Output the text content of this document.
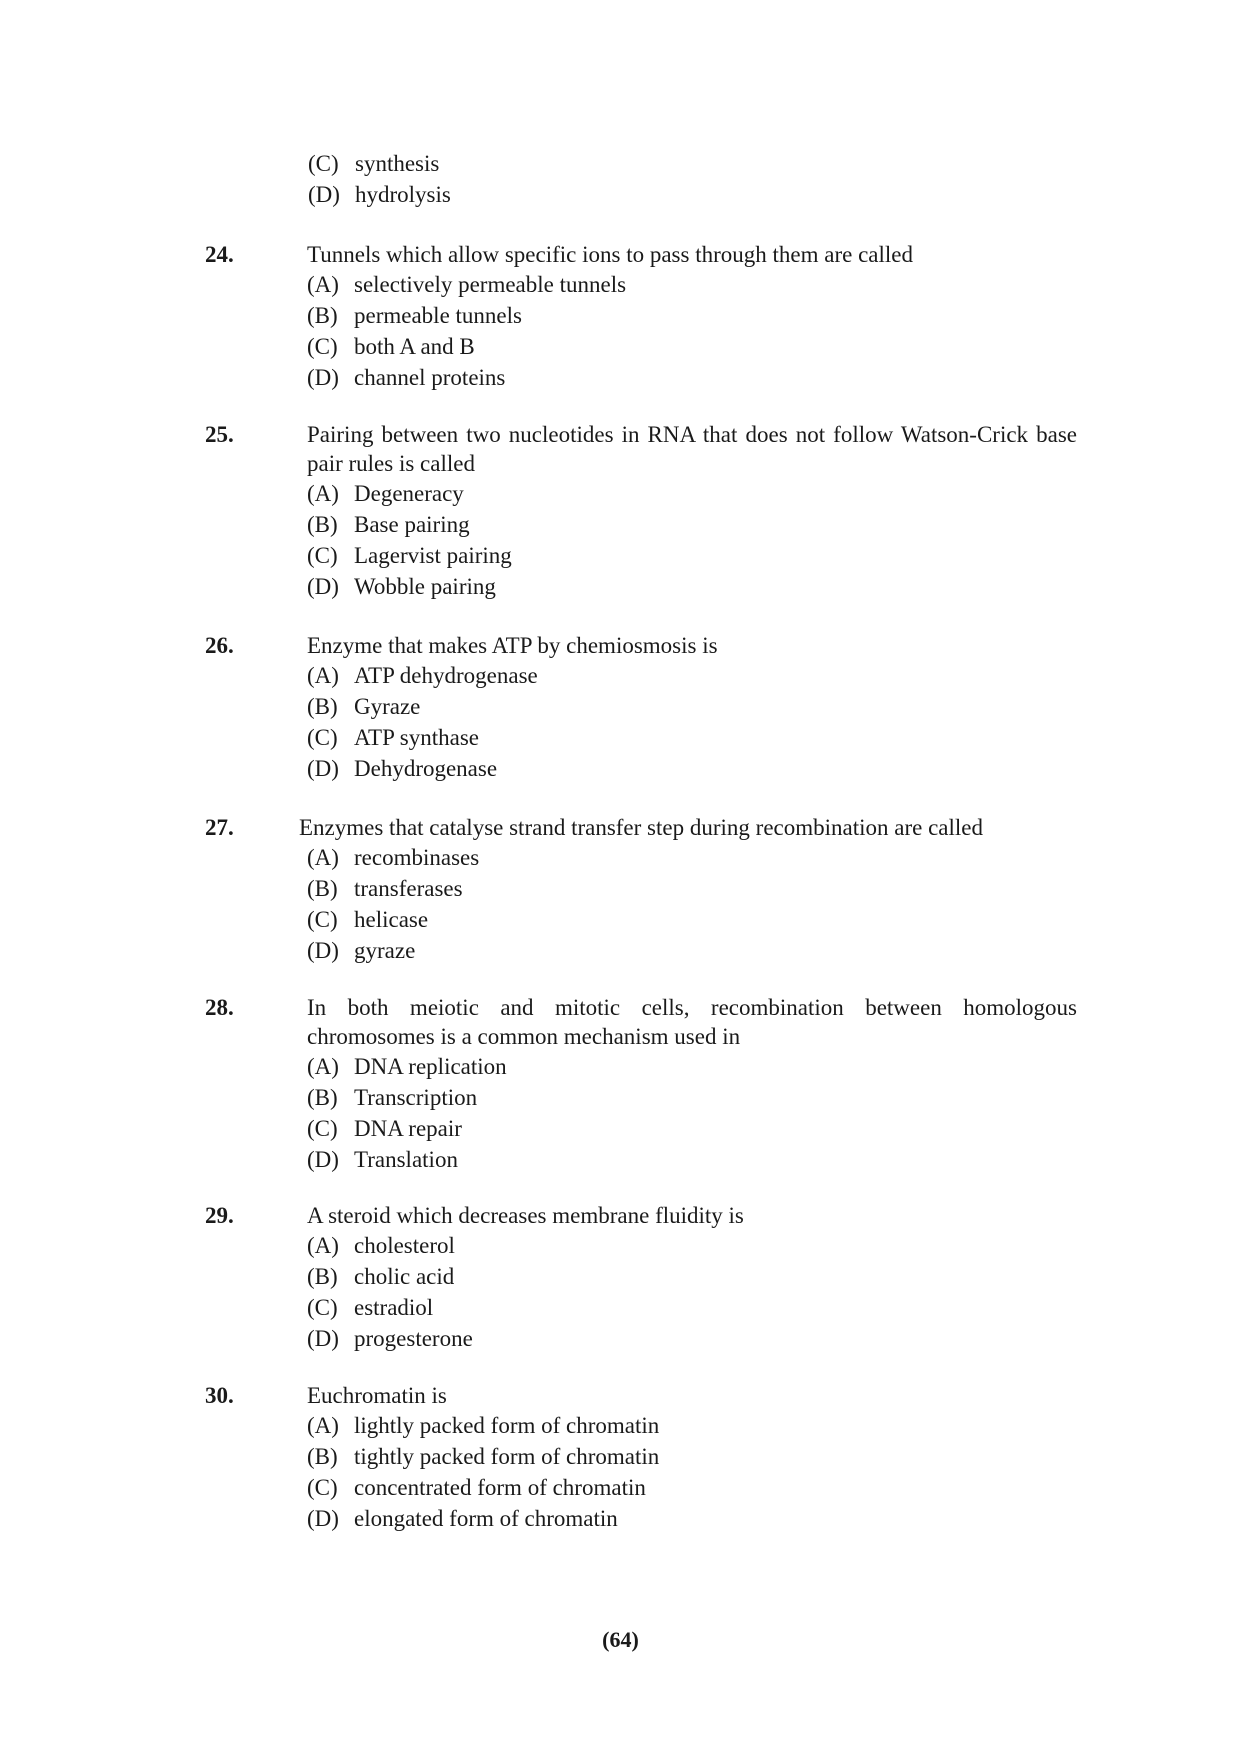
(C) synthesis
(D) hydrolysis
24.	Tunnels which allow specific ions to pass through them are called
(A) selectively permeable tunnels
(B) permeable tunnels
(C) both A and B
(D) channel proteins
25.	Pairing between two nucleotides in RNA that does not follow Watson-Crick base pair rules is called
(A) Degeneracy
(B) Base pairing
(C) Lagervist pairing
(D) Wobble pairing
26.	Enzyme that makes ATP by chemiosmosis is
(A) ATP dehydrogenase
(B) Gyraze
(C) ATP synthase
(D) Dehydrogenase
27.	Enzymes that catalyse strand transfer step during recombination are called
(A) recombinases
(B) transferases
(C) helicase
(D) gyraze
28.	In both meiotic and mitotic cells, recombination between homologous chromosomes is a common mechanism used in
(A) DNA replication
(B) Transcription
(C) DNA repair
(D) Translation
29.	A steroid which decreases membrane fluidity is
(A) cholesterol
(B) cholic acid
(C) estradiol
(D) progesterone
30.	Euchromatin is
(A) lightly packed form of chromatin
(B) tightly packed form of chromatin
(C) concentrated form of chromatin
(D) elongated form of chromatin
(64)
